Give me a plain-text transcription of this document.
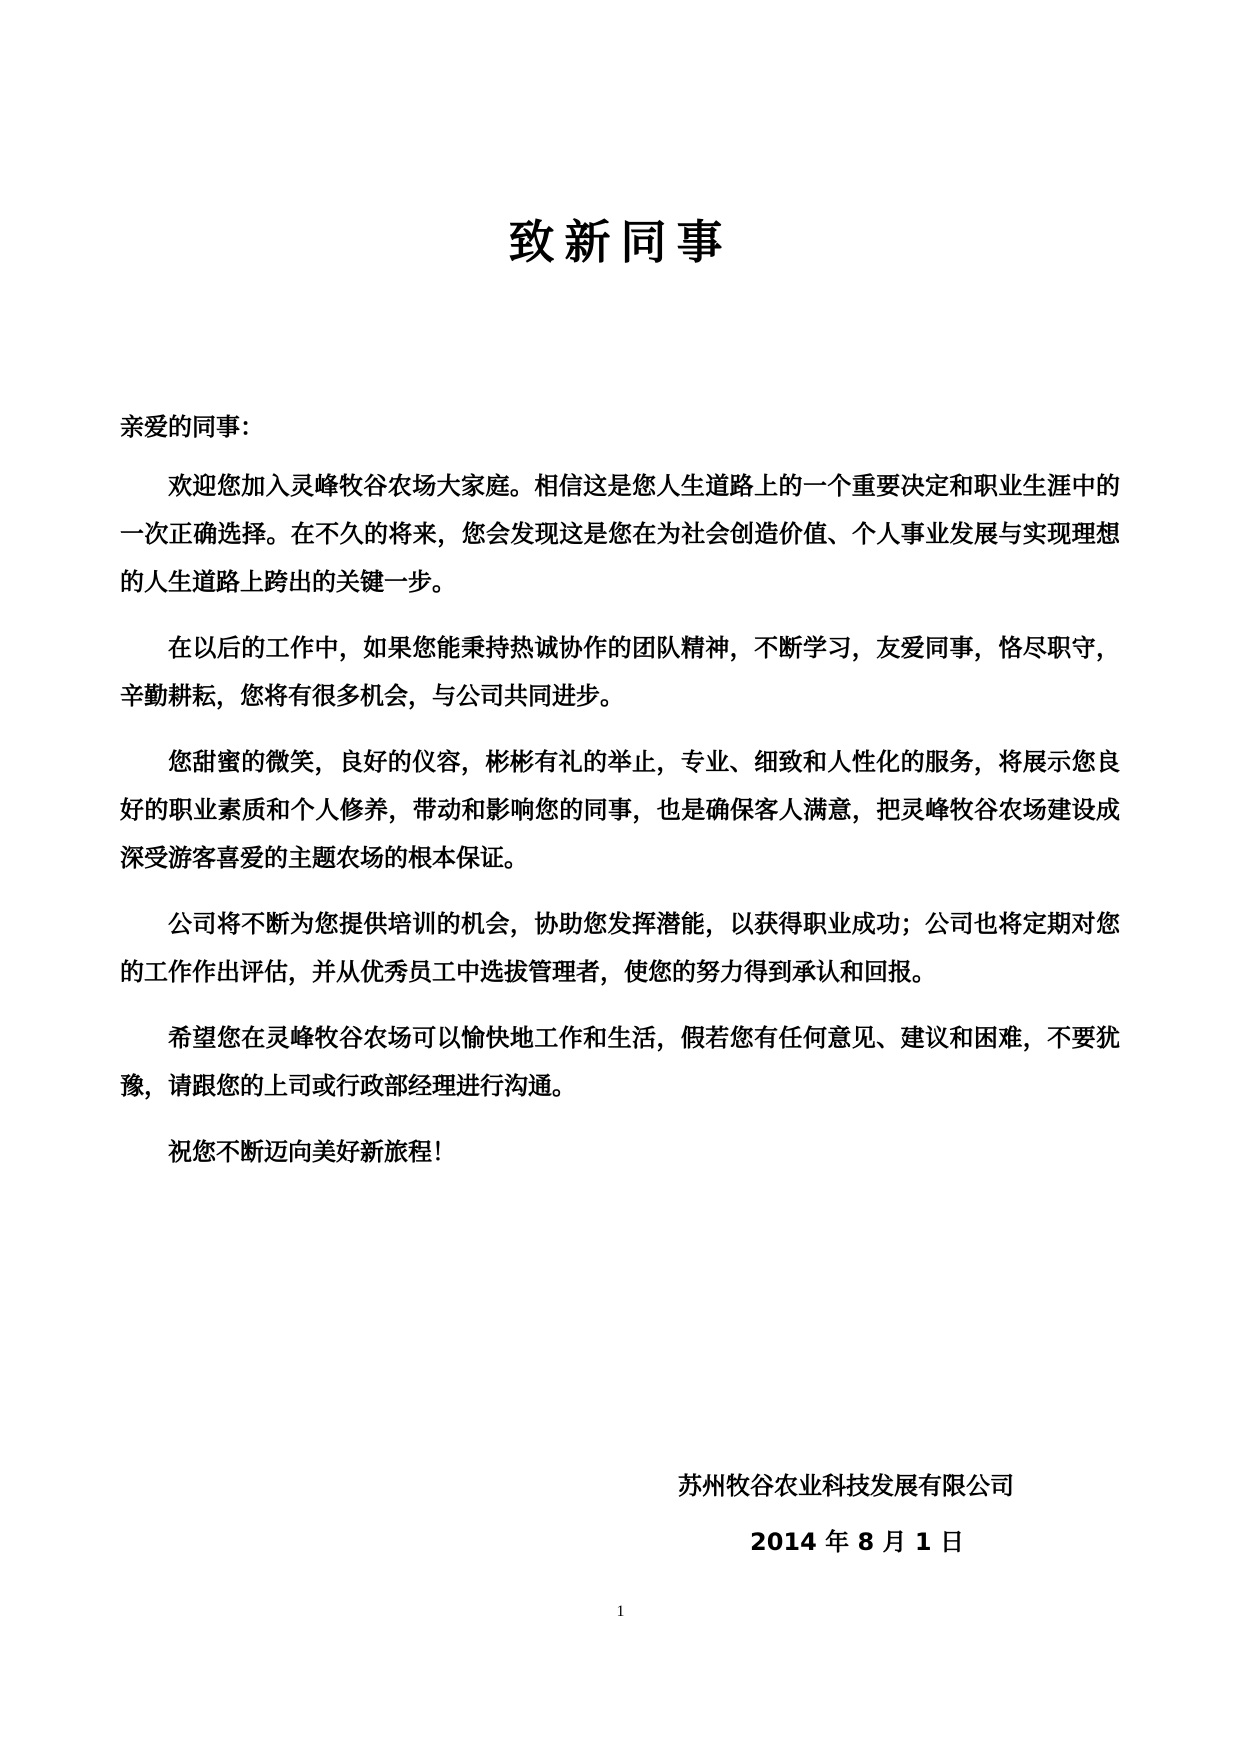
致新同事
亲爱的同事：

欢迎您加入灵峰牧谷农场大家庭。相信这是您人生道路上的一个重要决定和职业生涯中的一次正确选择。在不久的将来，您会发现这是您在为社会创造价值、个人事业发展与实现理想的人生道路上跨出的关键一步。

在以后的工作中，如果您能秉持热诚协作的团队精神，不断学习，友爱同事，恪尽职守，辛勤耕耘，您将有很多机会，与公司共同进步。

您甜蜜的微笑，良好的仪容，彬彬有礼的举止，专业、细致和人性化的服务，将展示您良好的职业素质和个人修养，带动和影响您的同事，也是确保客人满意，把灵峰牧谷农场建设成深受游客喜爱的主题农场的根本保证。

公司将不断为您提供培训的机会，协助您发挥潜能，以获得职业成功；公司也将定期对您的工作作出评估，并从优秀员工中选拔管理者，使您的努力得到承认和回报。

希望您在灵峰牧谷农场可以愉快地工作和生活，假若您有任何意见、建议和困难，不要犹豫，请跟您的上司或行政部经理进行沟通。

祝您不断迈向美好新旅程！

苏州牧谷农业科技发展有限公司
2014 年 8 月 1 日
1
